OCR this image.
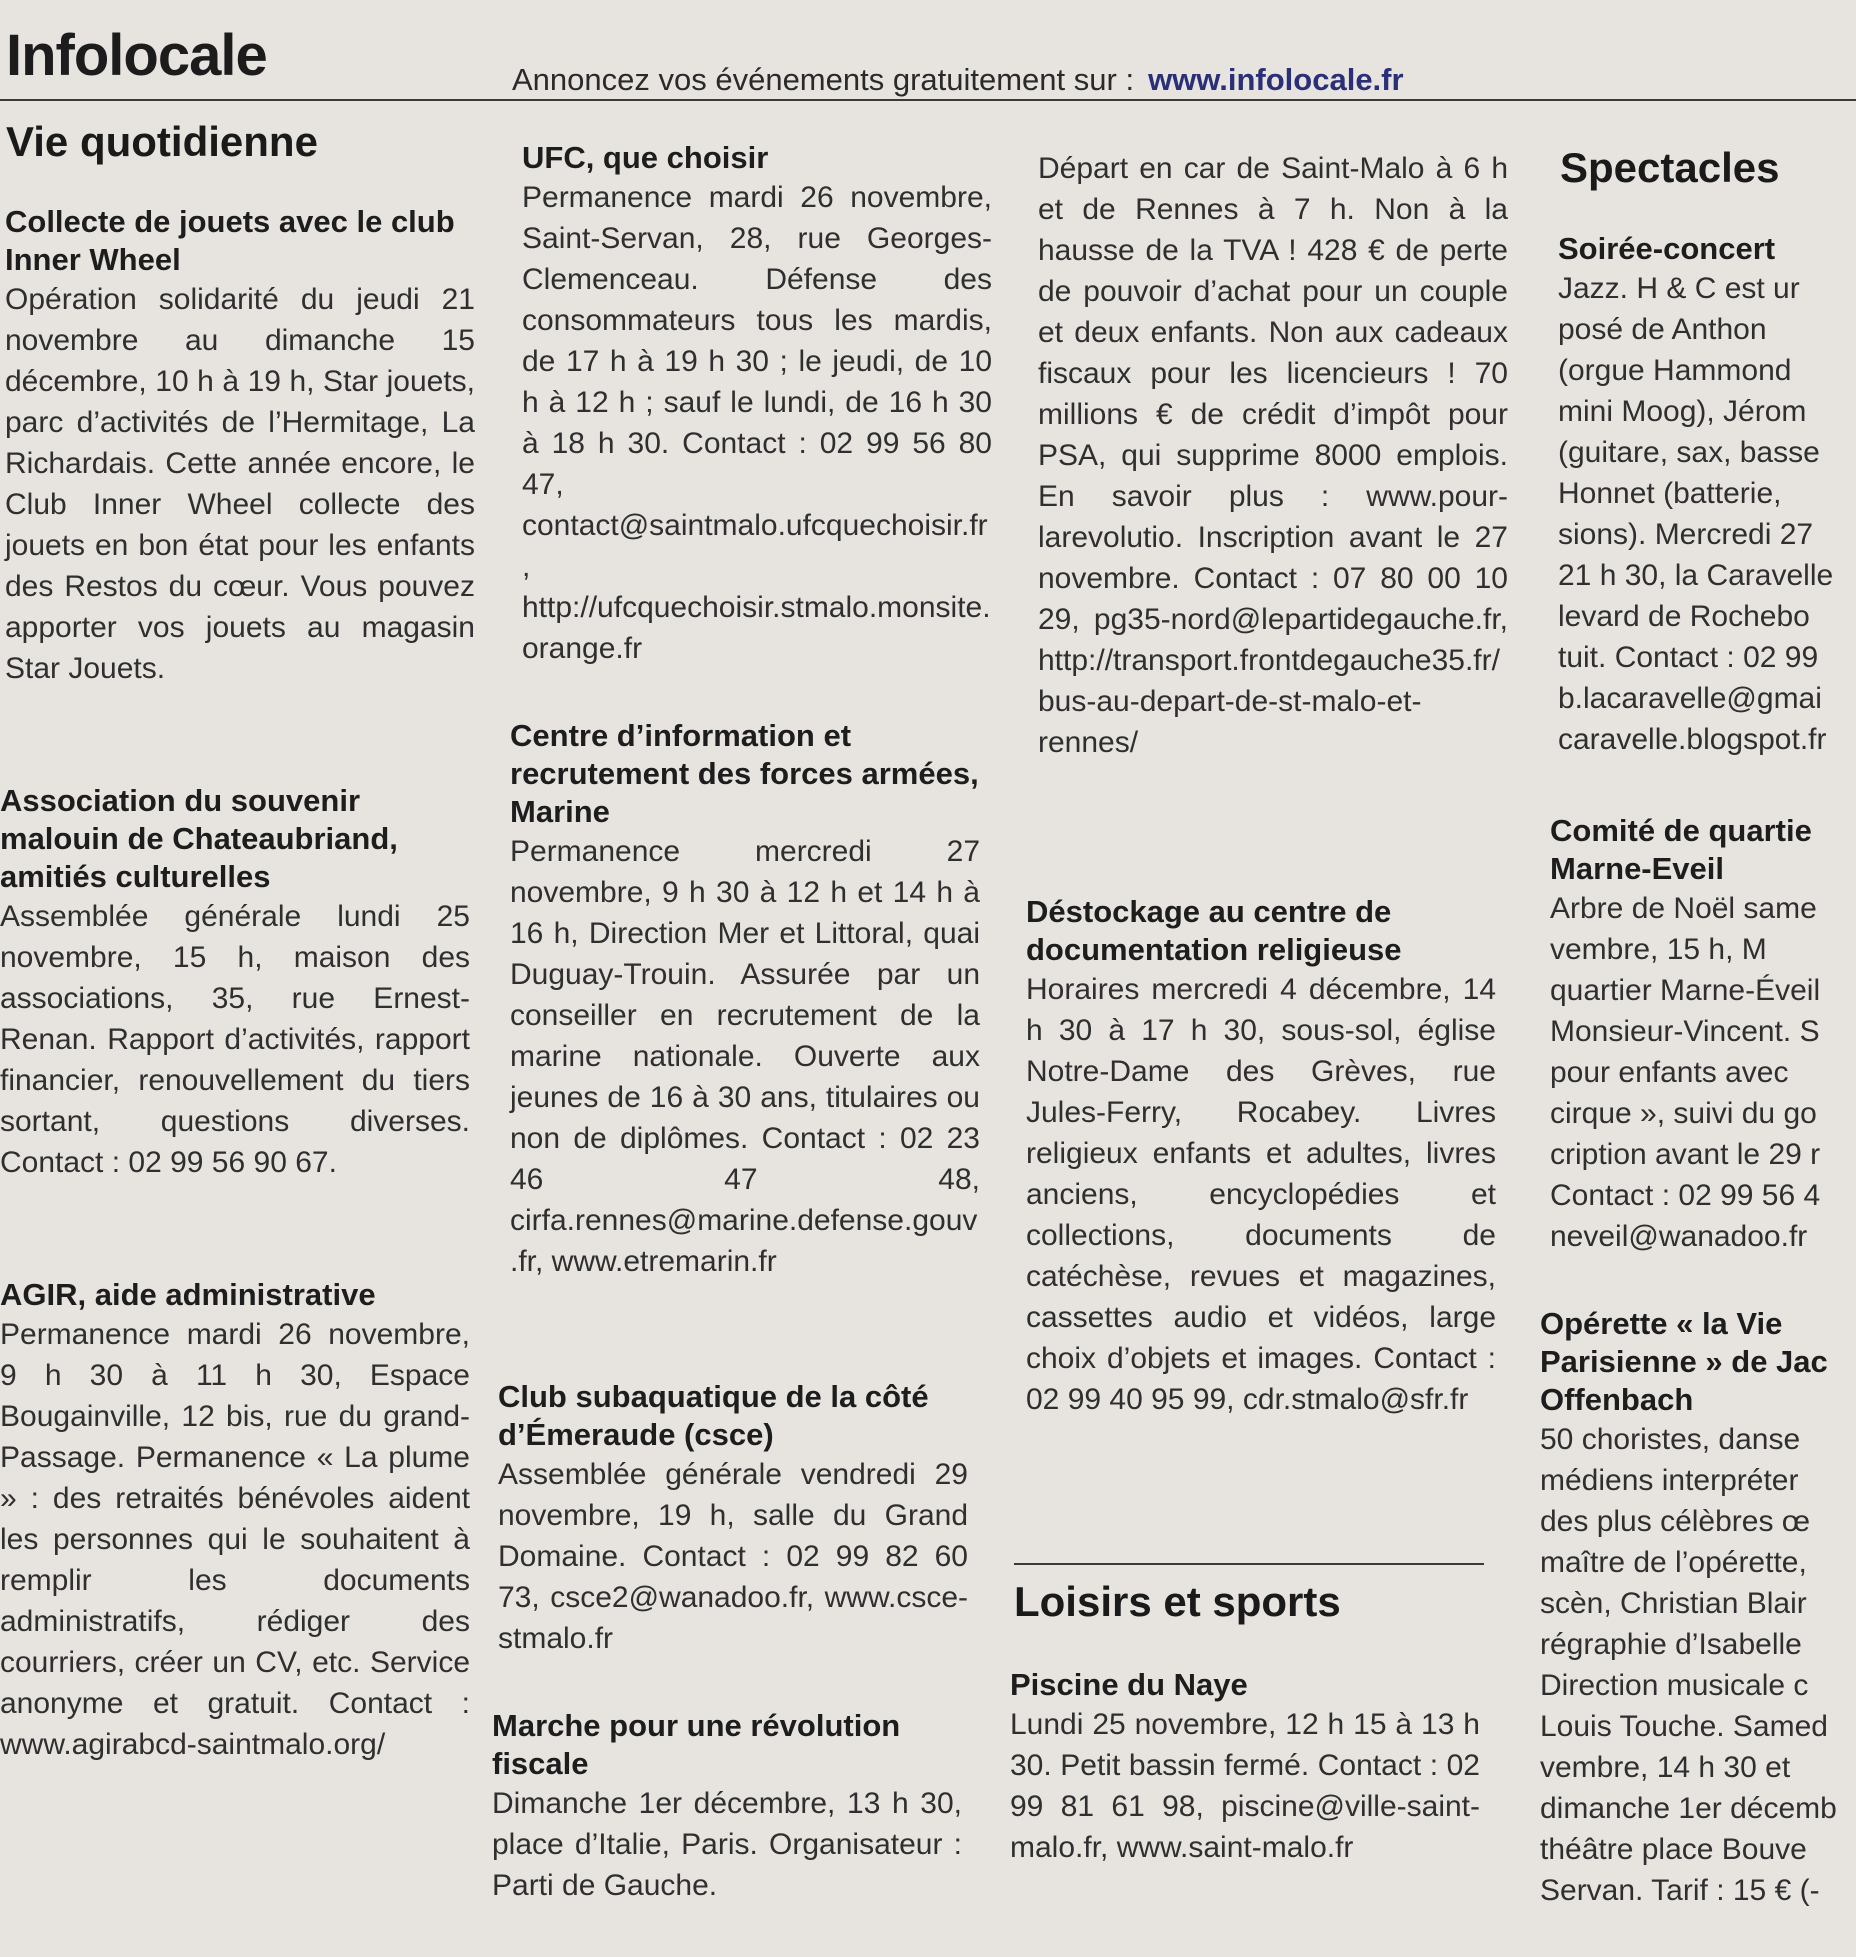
Infolocale	Annoncez vos événements gratuitement sur : www.infolocale.fr
Vie quotidienne
Collecte de jouets avec le club Inner Wheel

Opération solidarité du jeudi 21 novembre au dimanche 15 décembre, 10 h à 19 h, Star jouets, parc d’activités de l’Hermitage, La Richardais. Cette année encore, le Club Inner Wheel collecte des jouets en bon état pour les enfants des Restos du cœur. Vous pouvez apporter vos jouets au magasin Star Jouets.

Association du souvenir malouin de Chateaubriand, amitiés culturelles

Assemblée générale lundi 25 novembre, 15 h, maison des associations, 35, rue Ernest-Renan. Rapport d’activités, rapport financier, renouvellement du tiers sortant, questions diverses. Contact : 02 99 56 90 67.

AGIR, aide administrative

Permanence mardi 26 novembre, 9 h 30 à 11 h 30, Espace Bougainville, 12 bis, rue du grand-Passage. Permanence « La plume » : des retraités bénévoles aident les personnes qui le souhaitent à remplir les documents administratifs, rédiger des courriers, créer un CV, etc. Service anonyme et gratuit. Contact : www.agirabcd-saintmalo.org/

UFC, que choisir

Permanence mardi 26 novembre, Saint-Servan, 28, rue Georges-Clemenceau. Défense des consommateurs tous les mardis, de 17 h à 19 h 30 ; le jeudi, de 10 h à 12 h ; sauf le lundi, de 16 h 30 à 18 h 30. Contact : 02 99 56 80 47, contact@saintmalo.ufcquechoisir.fr, http://ufcquechoisir.stmalo.monsite.orange.fr

Centre d’information et recrutement des forces armées, Marine

Permanence mercredi 27 novembre, 9 h 30 à 12 h et 14 h à 16 h, Direction Mer et Littoral, quai Duguay-Trouin. Assurée par un conseiller en recrutement de la marine nationale. Ouverte aux jeunes de 16 à 30 ans, titulaires ou non de diplômes. Contact : 02 23 46 47 48, cirfa.rennes@marine.defense.gouv.fr, www.etremarin.fr

Club subaquatique de la côté d’Émeraude (csce)

Assemblée générale vendredi 29 novembre, 19 h, salle du Grand Domaine. Contact : 02 99 82 60 73, csce2@wanadoo.fr, www.csce-stmalo.fr

Marche pour une révolution fiscale

Dimanche 1er décembre, 13 h 30, place d’Italie, Paris. Organisateur : Parti de Gauche.

Départ en car de Saint-Malo à 6 h et de Rennes à 7 h. Non à la hausse de la TVA ! 428 € de perte de pouvoir d’achat pour un couple et deux enfants. Non aux cadeaux fiscaux pour les licencieurs ! 70 millions € de crédit d’impôt pour PSA, qui supprime 8000 emplois. En savoir plus : www.pour-larevolutio. Inscription avant le 27 novembre. Contact : 07 80 00 10 29, pg35-nord@lepartidegauche.fr, http://transport.frontdegauche35.fr/bus-au-depart-de-st-malo-et-rennes/

Déstockage au centre de documentation religieuse

Horaires mercredi 4 décembre, 14 h 30 à 17 h 30, sous-sol, église Notre-Dame des Grèves, rue Jules-Ferry, Rocabey. Livres religieux enfants et adultes, livres anciens, encyclopédies et collections, documents de catéchèse, revues et magazines, cassettes audio et vidéos, large choix d’objets et images. Contact : 02 99 40 95 99, cdr.stmalo@sfr.fr

Loisirs et sports
Piscine du Naye

Lundi 25 novembre, 12 h 15 à 13 h 30. Petit bassin fermé. Contact : 02 99 81 61 98, piscine@ville-saint-malo.fr, www.saint-malo.fr

Spectacles
Soirée-concert

Jazz. H & C est ur

posé de Anthon

(orgue Hammond

mini Moog), Jérom

(guitare, sax, basse

Honnet (batterie,

sions). Mercredi 27

21 h 30, la Caravelle

levard de Rochebo

tuit. Contact : 02 99

b.lacaravelle@gmai

caravelle.blogspot.fr

Comité de quartie
Marne-Eveil

Arbre de Noël same

vembre, 15 h, M

quartier Marne-Éveil

Monsieur-Vincent. S

pour enfants avec

cirque », suivi du go

cription avant le 29 r

Contact : 02 99 56 4

neveil@wanadoo.fr

Opérette « la Vie
Parisienne » de Jac
Offenbach

50 choristes, danse

médiens interpréter

des plus célèbres œ

maître de l’opérette,

scèn, Christian Blair

régraphie d’Isabelle

Direction musicale c

Louis Touche. Samed

vembre, 14 h 30 et

dimanche 1er décemb

théâtre place Bouve

Servan. Tarif : 15 € (-
